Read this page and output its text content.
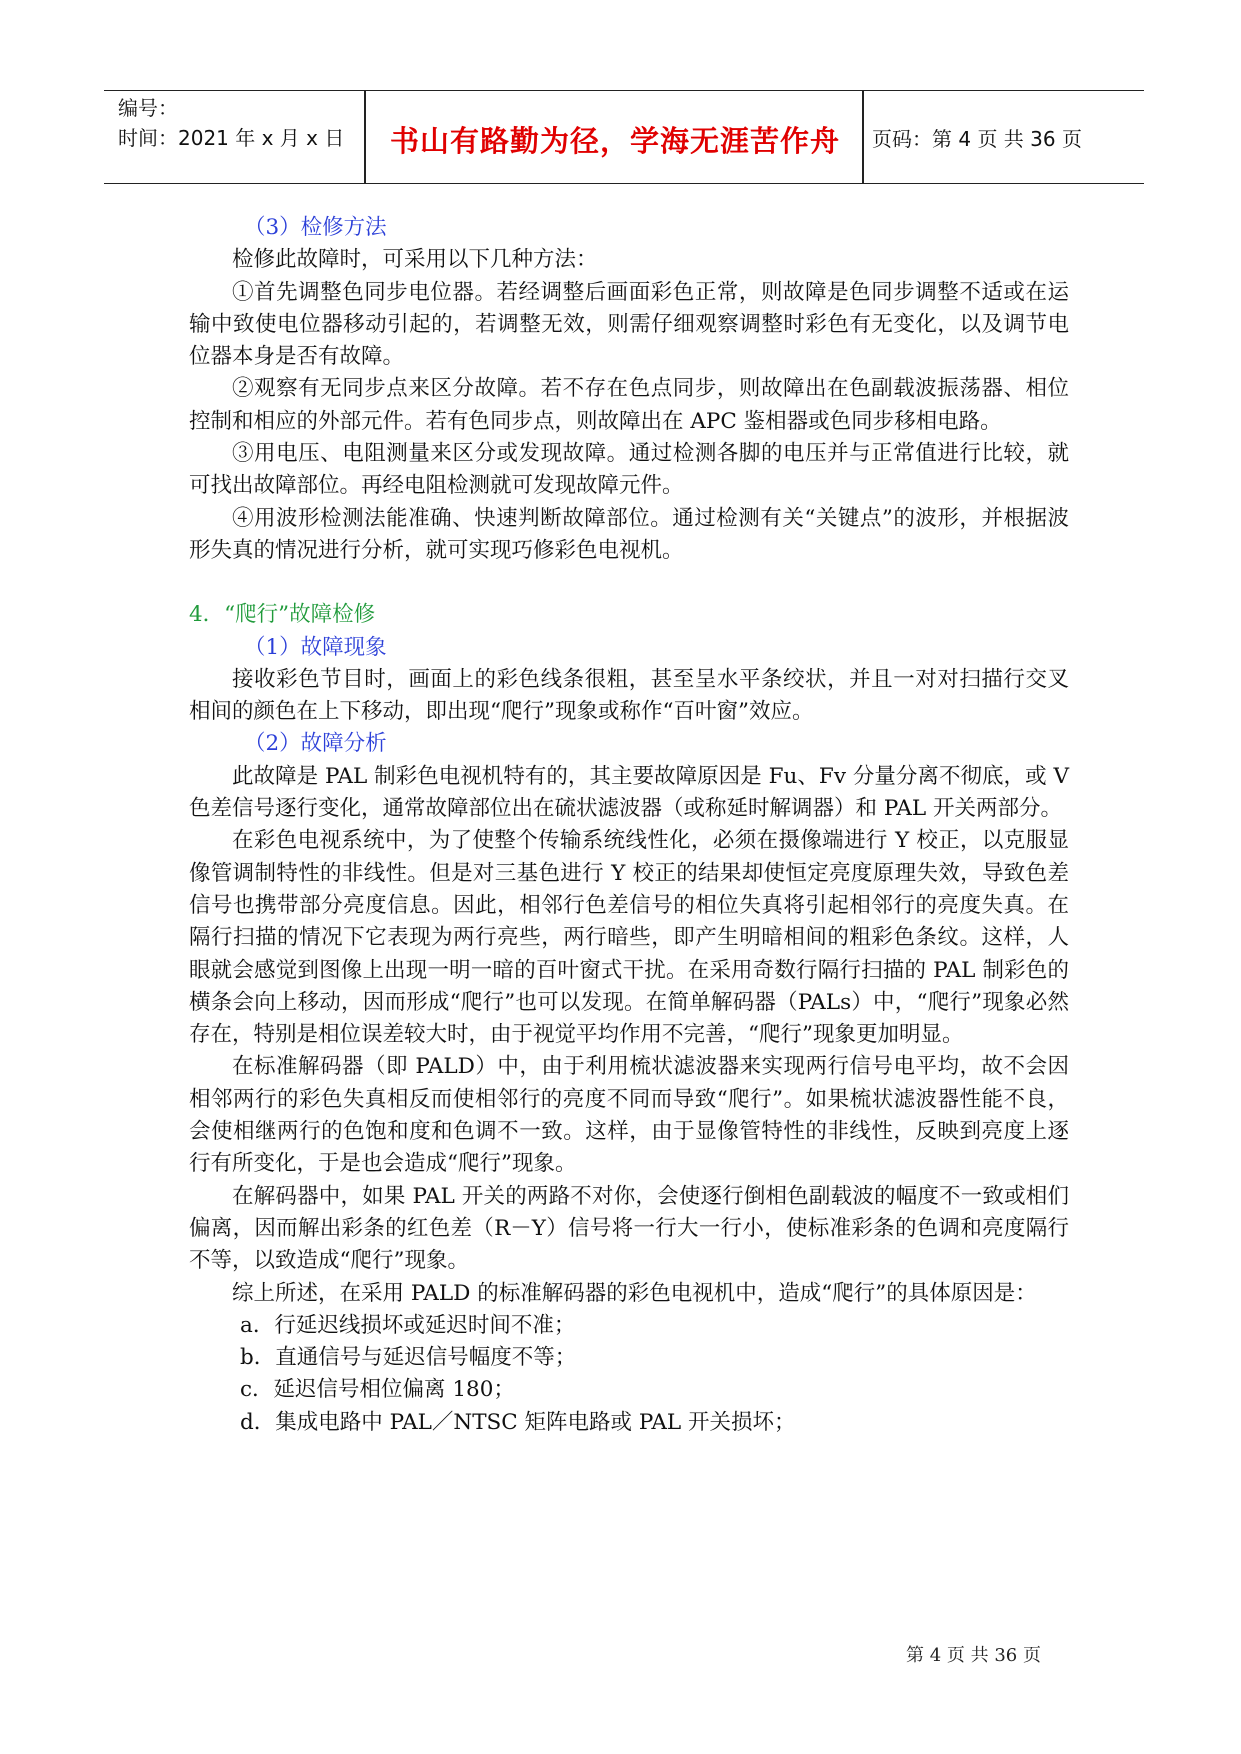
编号：
时间：2021 年 x 月 x 日	书山有路勤为径，学海无涯苦作舟	页码：第 4 页 共 36 页

（3）检修方法

检修此故障时，可采用以下几种方法：

①首先调整色同步电位器。若经调整后画面彩色正常，则故障是色同步调整不适或在运输中致使电位器移动引起的，若调整无效，则需仔细观察调整时彩色有无变化，以及调节电位器本身是否有故障。

②观察有无同步点来区分故障。若不存在色点同步，则故障出在色副载波振荡器、相位控制和相应的外部元件。若有色同步点，则故障出在 APC 鉴相器或色同步移相电路。

③用电压、电阻测量来区分或发现故障。通过检测各脚的电压并与正常值进行比较，就可找出故障部位。再经电阻检测就可发现故障元件。

④用波形检测法能准确、快速判断故障部位。通过检测有关“关键点”的波形，并根据波形失真的情况进行分析，就可实现巧修彩色电视机。

4．“爬行”故障检修

（1）故障现象

接收彩色节目时，画面上的彩色线条很粗，甚至呈水平条绞状，并且一对对扫描行交叉相间的颜色在上下移动，即出现“爬行”现象或称作“百叶窗”效应。

（2）故障分析

此故障是 PAL 制彩色电视机特有的，其主要故障原因是 Fu、Fv 分量分离不彻底，或 V 色差信号逐行变化，通常故障部位出在硫状滤波器（或称延时解调器）和 PAL 开关两部分。

在彩色电视系统中，为了使整个传输系统线性化，必须在摄像端进行 Y 校正，以克服显像管调制特性的非线性。但是对三基色进行 Y 校正的结果却使恒定亮度原理失效，导致色差信号也携带部分亮度信息。因此，相邻行色差信号的相位失真将引起相邻行的亮度失真。在隔行扫描的情况下它表现为两行亮些，两行暗些，即产生明暗相间的粗彩色条纹。这样，人眼就会感觉到图像上出现一明一暗的百叶窗式干扰。在采用奇数行隔行扫描的 PAL 制彩色的横条会向上移动，因而形成“爬行”也可以发现。在简单解码器（PALs）中，“爬行”现象必然存在，特别是相位误差较大时，由于视觉平均作用不完善，“爬行”现象更加明显。

在标准解码器（即 PALD）中，由于利用梳状滤波器来实现两行信号电平均，故不会因相邻两行的彩色失真相反而使相邻行的亮度不同而导致“爬行”。如果梳状滤波器性能不良，会使相继两行的色饱和度和色调不一致。这样，由于显像管特性的非线性，反映到亮度上逐行有所变化，于是也会造成“爬行”现象。

在解码器中，如果 PAL 开关的两路不对你，会使逐行倒相色副载波的幅度不一致或相们偏离，因而解出彩条的红色差（R－Y）信号将一行大一行小，使标准彩条的色调和亮度隔行不等，以致造成“爬行”现象。

综上所述，在采用 PALD 的标准解码器的彩色电视机中，造成“爬行”的具体原因是：

a．行延迟线损坏或延迟时间不准；

b．直通信号与延迟信号幅度不等；

c．延迟信号相位偏离 180；

d．集成电路中 PAL／NTSC 矩阵电路或 PAL 开关损坏；

第 4 页 共 36 页
